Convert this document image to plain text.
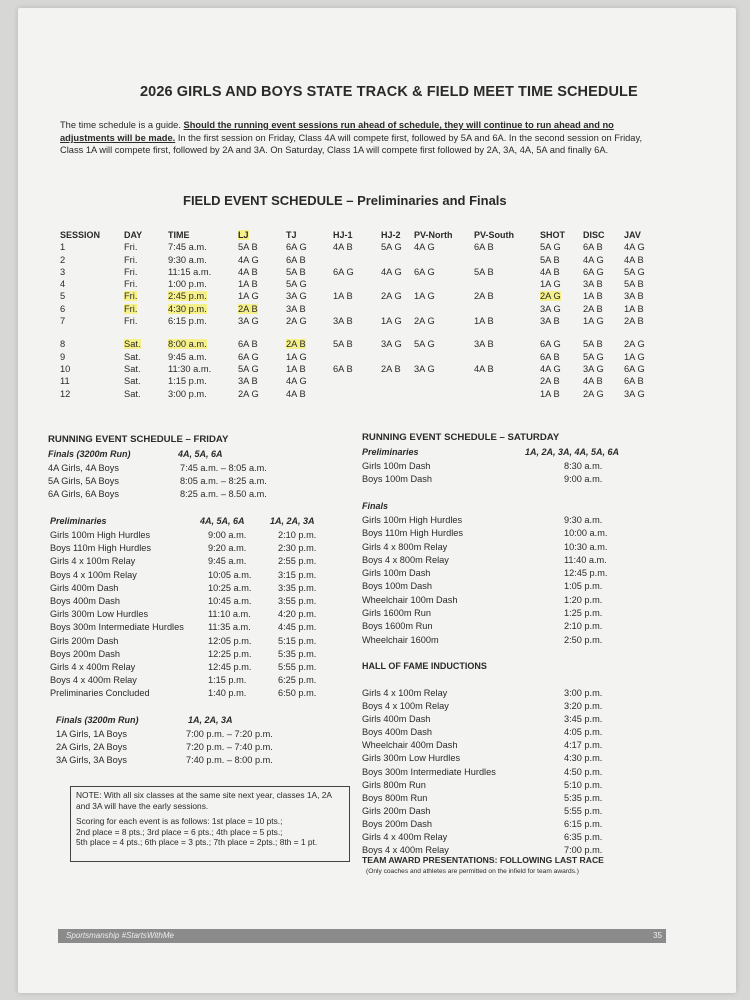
2026 GIRLS AND BOYS STATE TRACK & FIELD MEET TIME SCHEDULE
The time schedule is a guide. Should the running event sessions run ahead of schedule, they will continue to run ahead and no adjustments will be made. In the first session on Friday, Class 4A will compete first, followed by 5A and 6A. In the second session on Friday, Class 1A will compete first, followed by 2A and 3A. On Saturday, Class 1A will compete first followed by 2A, 3A, 4A, 5A and finally 6A.
FIELD EVENT SCHEDULE – Preliminaries and Finals
SESSION	DAY	TIME	LJ	TJ	HJ-1	HJ-2	PV-North	PV-South	SHOT	DISC	JAV
1	Fri.	7:45 a.m.	5A B	6A G	4A B	5A G	4A G	6A B	5A G	6A B	4A G
2	Fri.	9:30 a.m.	4A G	6A B					5A B	4A G	4A B
3	Fri.	11:15 a.m.	4A B	5A B	6A G	4A G	6A G	5A B	4A B	6A G	5A G
4	Fri.	1:00 p.m.	1A B	5A G					1A G	3A B	5A B
5	Fri.	2:45 p.m.	1A G	3A G	1A B	2A G	1A G	2A B	2A G	1A B	3A B
6	Fri.	4:30 p.m.	2A B	3A B					3A G	2A B	1A B
7	Fri.	6:15 p.m.	3A G	2A G	3A B	1A G	2A G	1A B	3A B	1A G	2A B
8	Sat.	8:00 a.m.	6A B	2A B	5A B	3A G	5A G	3A B	6A G	5A B	2A G
9	Sat.	9:45 a.m.	6A G	1A G					6A B	5A G	1A G
10	Sat.	11:30 a.m.	5A G	1A B	6A B	2A B	3A G	4A B	4A G	3A G	6A G
11	Sat.	1:15 p.m.	3A B	4A G					2A B	4A B	6A B
12	Sat.	3:00 p.m.	2A G	4A B					1A B	2A G	3A G
RUNNING EVENT SCHEDULE – FRIDAY
Finals (3200m Run)	4A, 5A, 6A
4A Girls, 4A Boys	7:45 a.m. – 8:05 a.m.
5A Girls, 5A Boys	8:05 a.m. – 8:25 a.m.
6A Girls, 6A Boys	8:25 a.m. – 8.50 a.m.
Preliminaries	4A, 5A, 6A	1A, 2A, 3A
Girls 100m High Hurdles	9:00 a.m.	2:10 p.m.
Boys 110m High Hurdles	9:20 a.m.	2:30 p.m.
Girls 4 x 100m Relay	9:45 a.m.	2:55 p.m.
Boys 4 x 100m Relay	10:05 a.m.	3:15 p.m.
Girls 400m Dash	10:25 a.m.	3:35 p.m.
Boys 400m Dash	10:45 a.m.	3:55 p.m.
Girls 300m Low Hurdles	11:10 a.m.	4:20 p.m.
Boys 300m Intermediate Hurdles	11:35 a.m.	4:45 p.m.
Girls 200m Dash	12:05 p.m.	5:15 p.m.
Boys 200m Dash	12:25 p.m.	5:35 p.m.
Girls 4 x 400m Relay	12:45 p.m.	5:55 p.m.
Boys 4 x 400m Relay	1:15 p.m.	6:25 p.m.
Preliminaries Concluded	1:40 p.m.	6:50 p.m.
Finals (3200m Run)	1A, 2A, 3A
1A Girls, 1A Boys	7:00 p.m. – 7:20 p.m.
2A Girls, 2A Boys	7:20 p.m. – 7:40 p.m.
3A Girls, 3A Boys	7:40 p.m. – 8:00 p.m.
NOTE: With all six classes at the same site next year, classes 1A, 2A and 3A will have the early sessions.
Scoring for each event is as follows: 1st place = 10 pts.;
2nd place = 8 pts.; 3rd place = 6 pts.; 4th place = 5 pts.;
5th place = 4 pts.; 6th place = 3 pts.; 7th place = 2pts.; 8th = 1 pt.
RUNNING EVENT SCHEDULE – SATURDAY
Preliminaries	1A, 2A, 3A, 4A, 5A, 6A
Girls 100m Dash	8:30 a.m.
Boys 100m Dash	9:00 a.m.
Finals
Girls 100m High Hurdles	9:30 a.m.
Boys 110m High Hurdles	10:00 a.m.
Girls 4 x 800m Relay	10:30 a.m.
Boys 4 x 800m Relay	11:40 a.m.
Girls 100m Dash	12:45 p.m.
Boys 100m Dash	1:05 p.m.
Wheelchair 100m Dash	1:20 p.m.
Girls 1600m Run	1:25 p.m.
Boys 1600m Run	2:10 p.m.
Wheelchair 1600m	2:50 p.m.
HALL OF FAME INDUCTIONS
Girls 4 x 100m Relay	3:00 p.m.
Boys 4 x 100m Relay	3:20 p.m.
Girls 400m Dash	3:45 p.m.
Boys 400m Dash	4:05 p.m.
Wheelchair 400m Dash	4:17 p.m.
Girls 300m Low Hurdles	4:30 p.m.
Boys 300m Intermediate Hurdles	4:50 p.m.
Girls 800m Run	5:10 p.m.
Boys 800m Run	5:35 p.m.
Girls 200m Dash	5:55 p.m.
Boys 200m Dash	6:15 p.m.
Girls 4 x 400m Relay	6:35 p.m.
Boys 4 x 400m Relay	7:00 p.m.
TEAM AWARD PRESENTATIONS: FOLLOWING LAST RACE
(Only coaches and athletes are permitted on the infield for team awards.)
Sportsmanship #StartsWithMe	35
